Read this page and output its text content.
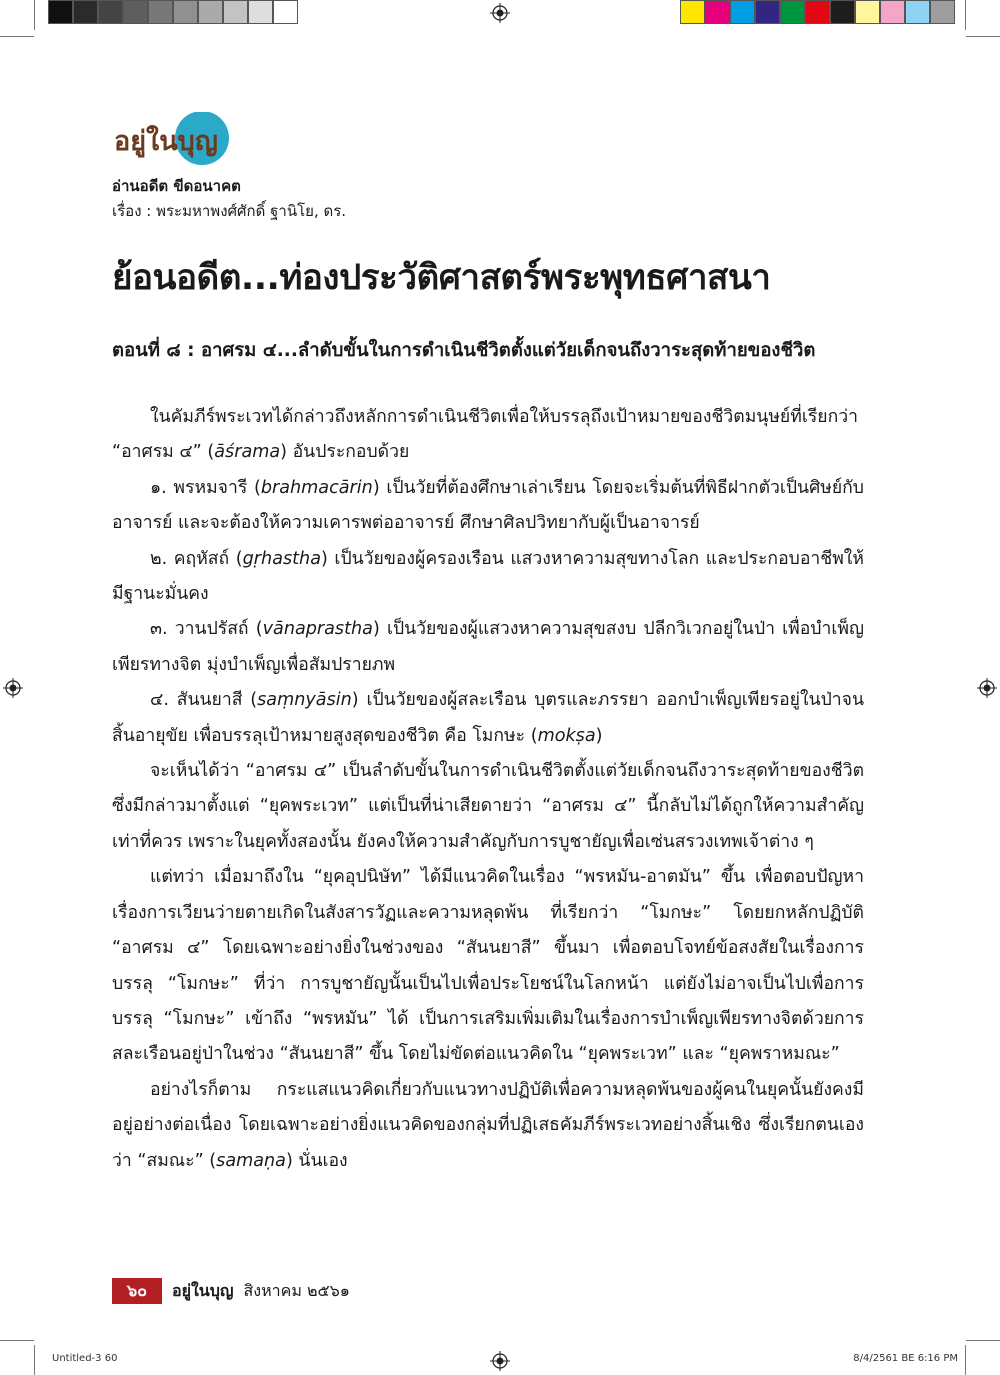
อยู่ในบุญ
อ่านอดีต ขีดอนาคต
เรื่อง : พระมหาพงศ์ศักดิ์ ฐานิโย, ดร.
ย้อนอดีต...ท่องประวัติศาสตร์พระพุทธศาสนา
ตอนที่ ๘ : อาศรม ๔...ลำดับขั้นในการดำเนินชีวิตตั้งแต่วัยเด็กจนถึงวาระสุดท้ายของชีวิต

ในคัมภีร์พระเวทได้กล่าวถึงหลักการดำเนินชีวิตเพื่อให้บรรลุถึงเป้าหมายของชีวิตมนุษย์ที่เรียกว่า “อาศรม ๔” (āśrama) อันประกอบด้วย

๑. พรหมจารี (brahmacārin) เป็นวัยที่ต้องศึกษาเล่าเรียน โดยจะเริ่มต้นที่พิธีฝากตัวเป็นศิษย์กับอาจารย์ และจะต้องให้ความเคารพต่ออาจารย์ ศึกษาศิลปวิทยากับผู้เป็นอาจารย์

๒. คฤหัสถ์ (gṛhastha) เป็นวัยของผู้ครองเรือน แสวงหาความสุขทางโลก และประกอบอาชีพให้มีฐานะมั่นคง

๓. วานปรัสถ์ (vānaprastha) เป็นวัยของผู้แสวงหาความสุขสงบ ปลีกวิเวกอยู่ในป่า เพื่อบำเพ็ญเพียรทางจิต มุ่งบำเพ็ญเพื่อสัมปรายภพ

๔. สันนยาสี (saṃnyāsin) เป็นวัยของผู้สละเรือน บุตรและภรรยา ออกบำเพ็ญเพียรอยู่ในป่าจนสิ้นอายุขัย เพื่อบรรลุเป้าหมายสูงสุดของชีวิต คือ โมกษะ (mokṣa)

จะเห็นได้ว่า “อาศรม ๔” เป็นลำดับขั้นในการดำเนินชีวิตตั้งแต่วัยเด็กจนถึงวาระสุดท้ายของชีวิต ซึ่งมีกล่าวมาตั้งแต่ “ยุคพระเวท” แต่เป็นที่น่าเสียดายว่า “อาศรม ๔” นี้กลับไม่ได้ถูกให้ความสำคัญเท่าที่ควร เพราะในยุคทั้งสองนั้น ยังคงให้ความสำคัญกับการบูชายัญเพื่อเซ่นสรวงเทพเจ้าต่าง ๆ

แต่ทว่า เมื่อมาถึงใน “ยุคอุปนิษัท” ได้มีแนวคิดในเรื่อง “พรหมัน-อาตมัน” ขึ้น เพื่อตอบปัญหาเรื่องการเวียนว่ายตายเกิดในสังสารวัฏและความหลุดพ้น ที่เรียกว่า “โมกษะ” โดยยกหลักปฏิบัติ “อาศรม ๔” โดยเฉพาะอย่างยิ่งในช่วงของ “สันนยาสี” ขึ้นมา เพื่อตอบโจทย์ข้อสงสัยในเรื่องการบรรลุ “โมกษะ” ที่ว่า การบูชายัญนั้นเป็นไปเพื่อประโยชน์ในโลกหน้า แต่ยังไม่อาจเป็นไปเพื่อการบรรลุ “โมกษะ” เข้าถึง “พรหมัน” ได้ เป็นการเสริมเพิ่มเติมในเรื่องการบำเพ็ญเพียรทางจิตด้วยการสละเรือนอยู่ป่าในช่วง “สันนยาสี” ขึ้น โดยไม่ขัดต่อแนวคิดใน “ยุคพระเวท” และ “ยุคพราหมณะ”

อย่างไรก็ตาม กระแสแนวคิดเกี่ยวกับแนวทางปฏิบัติเพื่อความหลุดพ้นของผู้คนในยุคนั้นยังคงมีอยู่อย่างต่อเนื่อง โดยเฉพาะอย่างยิ่งแนวคิดของกลุ่มที่ปฏิเสธคัมภีร์พระเวทอย่างสิ้นเชิง ซึ่งเรียกตนเองว่า “สมณะ” (samaṇa) นั่นเอง

๖๐	อยู่ในบุญ สิงหาคม ๒๕๖๑
Untitled-3 60	8/4/2561 BE 6:16 PM
